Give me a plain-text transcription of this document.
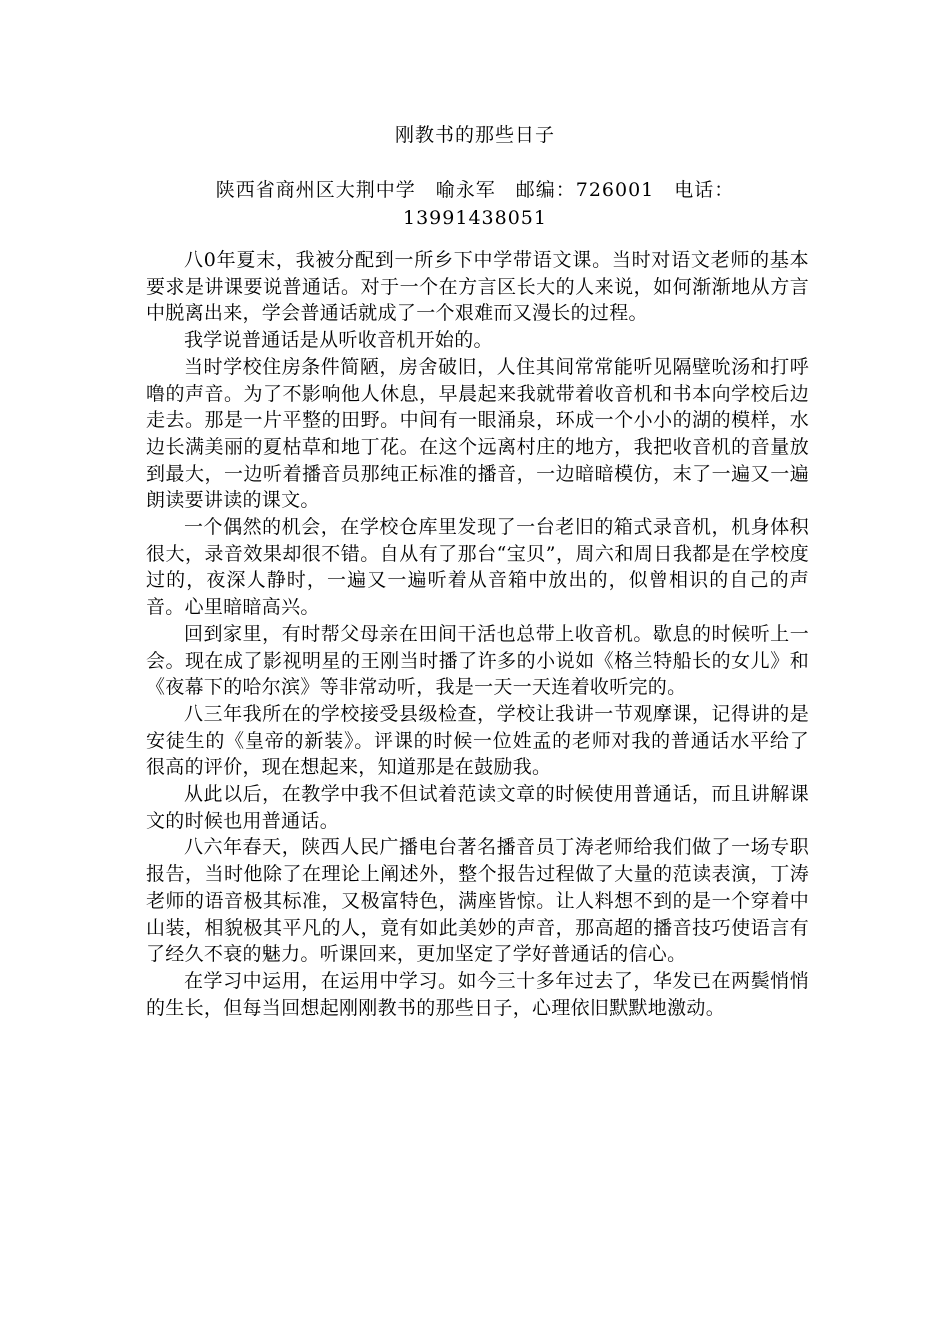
刚教书的那些日子
陕西省商州区大荆中学 喻永军 邮编：726001 电话：
13991438051

八0年夏末，我被分配到一所乡下中学带语文课。当时对语文老师的基本要求是讲课要说普通话。对于一个在方言区长大的人来说，如何渐渐地从方言中脱离出来，学会普通话就成了一个艰难而又漫长的过程。

我学说普通话是从听收音机开始的。

当时学校住房条件简陋，房舍破旧，人住其间常常能听见隔壁吮汤和打呼噜的声音。为了不影响他人休息，早晨起来我就带着收音机和书本向学校后边走去。那是一片平整的田野。中间有一眼涌泉，环成一个小小的湖的模样，水边长满美丽的夏枯草和地丁花。在这个远离村庄的地方，我把收音机的音量放到最大，一边听着播音员那纯正标准的播音，一边暗暗模仿，末了一遍又一遍朗读要讲读的课文。

一个偶然的机会，在学校仓库里发现了一台老旧的箱式录音机，机身体积很大，录音效果却很不错。自从有了那台“宝贝”，周六和周日我都是在学校度过的，夜深人静时，一遍又一遍听着从音箱中放出的，似曾相识的自己的声音。心里暗暗高兴。

回到家里，有时帮父母亲在田间干活也总带上收音机。歇息的时候听上一会。现在成了影视明星的王刚当时播了许多的小说如《格兰特船长的女儿》和《夜幕下的哈尔滨》等非常动听，我是一天一天连着收听完的。

八三年我所在的学校接受县级检查，学校让我讲一节观摩课，记得讲的是安徒生的《皇帝的新装》。评课的时候一位姓孟的老师对我的普通话水平给了很高的评价，现在想起来，知道那是在鼓励我。

从此以后，在教学中我不但试着范读文章的时候使用普通话，而且讲解课文的时候也用普通话。

八六年春天，陕西人民广播电台著名播音员丁涛老师给我们做了一场专职报告，当时他除了在理论上阐述外，整个报告过程做了大量的范读表演，丁涛老师的语音极其标准，又极富特色，满座皆惊。让人料想不到的是一个穿着中山装，相貌极其平凡的人，竟有如此美妙的声音，那高超的播音技巧使语言有了经久不衰的魅力。听课回来，更加坚定了学好普通话的信心。

在学习中运用，在运用中学习。如今三十多年过去了，华发已在两鬓悄悄的生长，但每当回想起刚刚教书的那些日子，心理依旧默默地激动。
